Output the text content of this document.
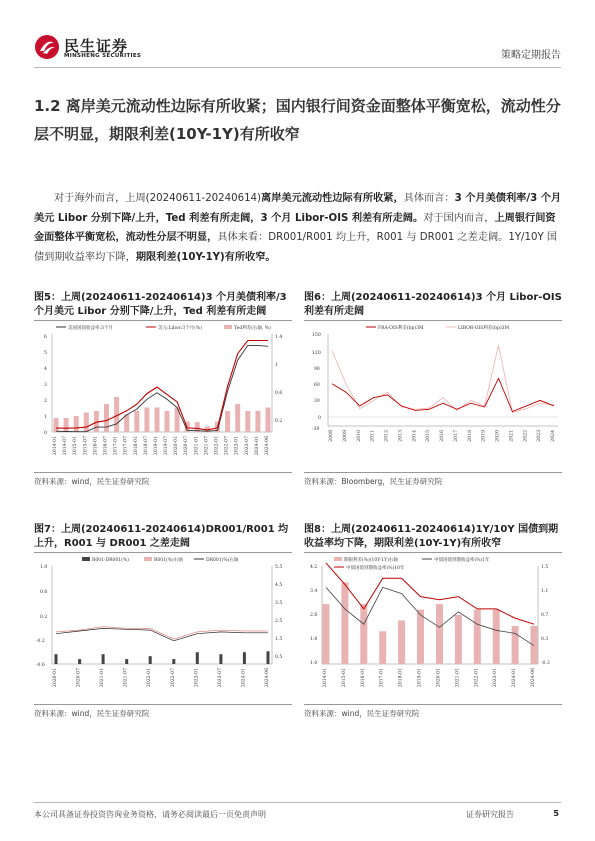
民生证券
MINSHENG SECURITIES	策略定期报告
1.2 离岸美元流动性边际有所收紧；国内银行间资金面整体平衡宽松，流动性分层不明显，期限利差(10Y-1Y)有所收窄
对于海外而言，上周(20240611-20240614)离岸美元流动性边际有所收紧，具体而言：3 个月美债利率/3 个月美元 Libor 分别下降/上升，Ted 利差有所走阔，3 个月 Libor-OIS 利差有所走阔。对于国内而言，上周银行间资金面整体平衡宽松，流动性分层不明显，具体来看：DR001/R001 均上升，R001 与 DR001 之差走阔。1Y/10Y 国债到期收益率均下降，期限利差(10Y-1Y)有所收窄。
图5：上周(20240611-20240614)3 个月美债利率/3 个月美元 Libor 分别下降/上升，Ted 利差有所走阔
美国国债收益率:3个月	美元:Libor:3个月(%)	Ted利差(右轴, %)
6
5
4
3
2
1
0
1.4
1
0.6
0.2
2014-01 2014-07 2015-01 2015-07 2016-01 2016-07 2017-01 2017-07 2018-01 2018-07 2019-01 2019-07 2020-01 2020-07 2021-01 2021-07 2022-01 2022-07 2023-01 2023-07 2024-01 2024-06
资料来源：wind，民生证券研究院
图6：上周(20240611-20240614)3 个月 Libor-OIS 利差有所走阔
FRA-OIS利差(bp)3M	LIBOR-OIS利差(bp)3M
150
120
90
60
30
0
-30
2008 2009 2010 2011 2012 2013 2014 2015 2016 2017 2018 2019 2020 2021 2022 2023 2024
资料来源：Bloomberg，民生证券研究院
图7：上周(20240611-20240614)DR001/R001 均上升，R001 与 DR001 之差走阔
R001-DR001(%)	R001(%)右轴	DR001(%)右轴
1.0
0.6
0.2
-0.2
-0.6
5.5
4.5
3.5
2.5
1.5
0.5
2020-01	2020-07	2021-01	2021-07	2022-01	2022-07	2023-01	2023-07	2024-01	2024-06
资料来源：wind，民生证券研究院
图8：上周(20240611-20240614)1Y/10Y 国债到期收益率均下降，期限利差(10Y-1Y)有所收窄
期限利差(%)(10Y-1Y)右轴	中债国债到期收益率(%)1年
中债国债到期收益率(%)10年
4.2
3.4
2.6
1.8
1.0
1.5
1.1
0.7
0.3
-0.3
2014-01	2015-01	2016-01	2017-01	2018-01	2019-01	2020-01	2021-01	2022-01	2023-01	2024-01	2024-06
资料来源：wind，民生证券研究院
本公司具备证券投资咨询业务资格，请务必阅读最后一页免责声明	证券研究报告	5
